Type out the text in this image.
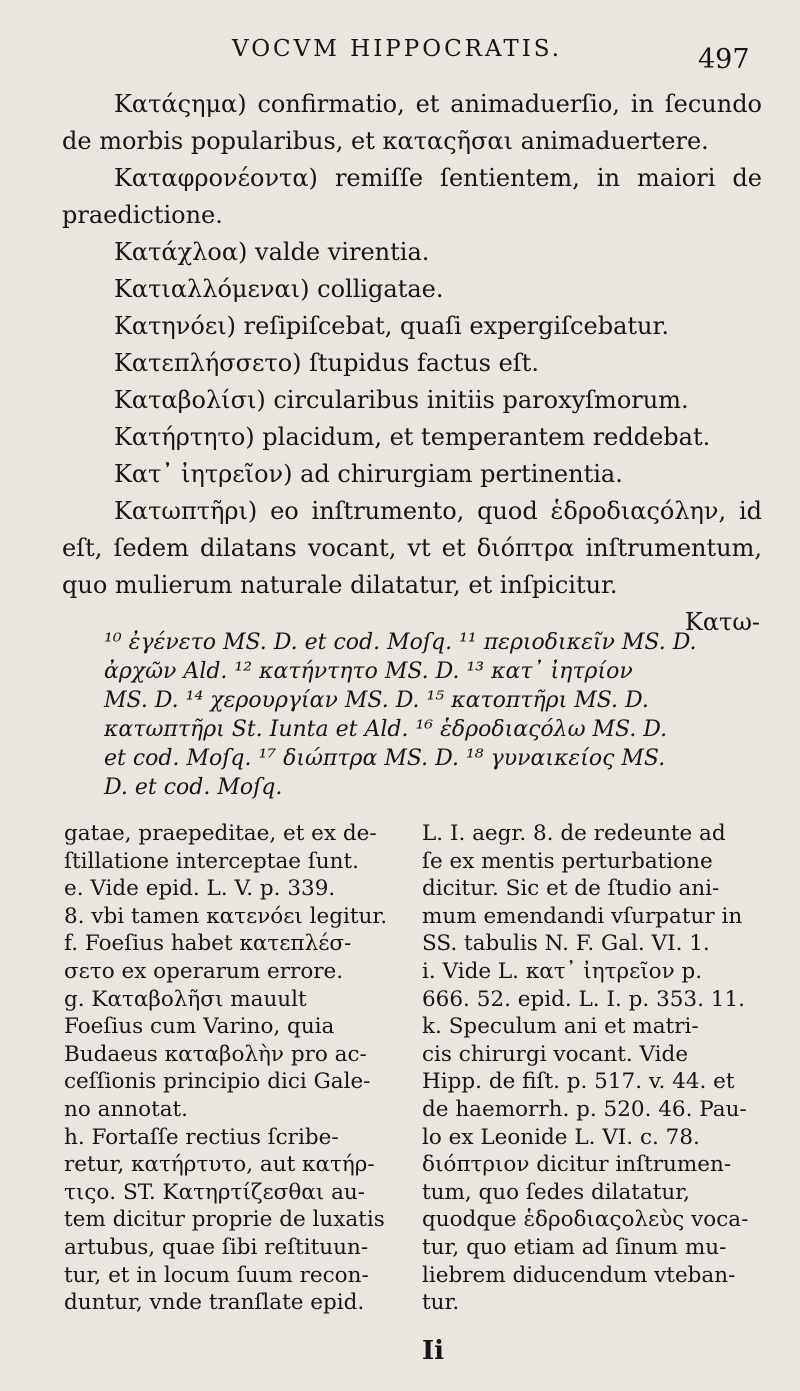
VOCVM HIPPOCRATIS.	497

Κατάςημα) confirmatio, et animaduerſio, in ſecundo de morbis popularibus, et καταςῆσαι animaduertere.

Καταφρονέοντα) remiſſe ſentientem, in maiori de praedictione.

Κατάχλοα) valde virentia.

Κατιαλλόμεναι) colligatae.

Κατηνόει) reſipiſcebat, quaſi expergiſcebatur.

Κατεπλήσσετο) ſtupidus factus eſt.

Καταβολίσι) circularibus initiis paroxyſmorum.

Κατήρτητο) placidum, et temperantem reddebat.

Κατ᾽ ἰητρεῖον) ad chirurgiam pertinentia.

Κατωπτῆρι) eo inſtrumento, quod ἑδροδιαςόλην, id eſt, ſedem dilatans vocant, vt et διόπτρα inſtrumentum, quo mulierum naturale dilatatur, et inſpicitur.

Κατω-

¹⁰ ἐγένετο MS. D. et cod. Moſq. ¹¹ περιοδικεῖν MS. D.
ἀρχῶν Ald. ¹² κατήντητο MS. D. ¹³ κατ᾽ ἰητρίον
MS. D. ¹⁴ χερουργίαν MS. D. ¹⁵ κατοπτῆρι MS. D.
κατωπτῆρι St. Iunta et Ald. ¹⁶ ἑδροδιαςόλω MS. D.
et cod. Moſq. ¹⁷ διώπτρα MS. D. ¹⁸ γυναικείος MS.
D. et cod. Moſq.
gatae, praepeditae, et ex de-
ſtillatione interceptae ſunt.
e. Vide epid. L. V. p. 339.
8. vbi tamen κατενόει legitur.
f. Foeſius habet κατεπλέσ-
σετο ex operarum errore.
g. Καταβολῆσι mauult
Foeſius cum Varino, quia
Budaeus καταβολὴν pro ac-
ceſſionis principio dici Gale-
no annotat.
h. Fortaſſe rectius ſcribe-
retur, κατήρτυτο, aut κατήρ-
τιςο. ST. Κατηρτίζεσθαι au-
tem dicitur proprie de luxatis
artubus, quae ſibi reſtituun-
tur, et in locum ſuum recon-
duntur, vnde tranſlate epid.
L. I. aegr. 8. de redeunte ad
ſe ex mentis perturbatione
dicitur. Sic et de ſtudio ani-
mum emendandi vſurpatur in
SS. tabulis N. F. Gal. VI. 1.
i. Vide L. κατ᾽ ἰητρεῖον p.
666. 52. epid. L. I. p. 353. 11.
k. Speculum ani et matri-
cis chirurgi vocant. Vide
Hipp. de fiſt. p. 517. v. 44. et
de haemorrh. p. 520. 46. Pau-
lo ex Leonide L. VI. c. 78.
διόπτριον dicitur inſtrumen-
tum, quo ſedes dilatatur,
quodque ἑδροδιαςολεὺς voca-
tur, quo etiam ad ſinum mu-
liebrem diducendum vteban-
tur.
Ii
